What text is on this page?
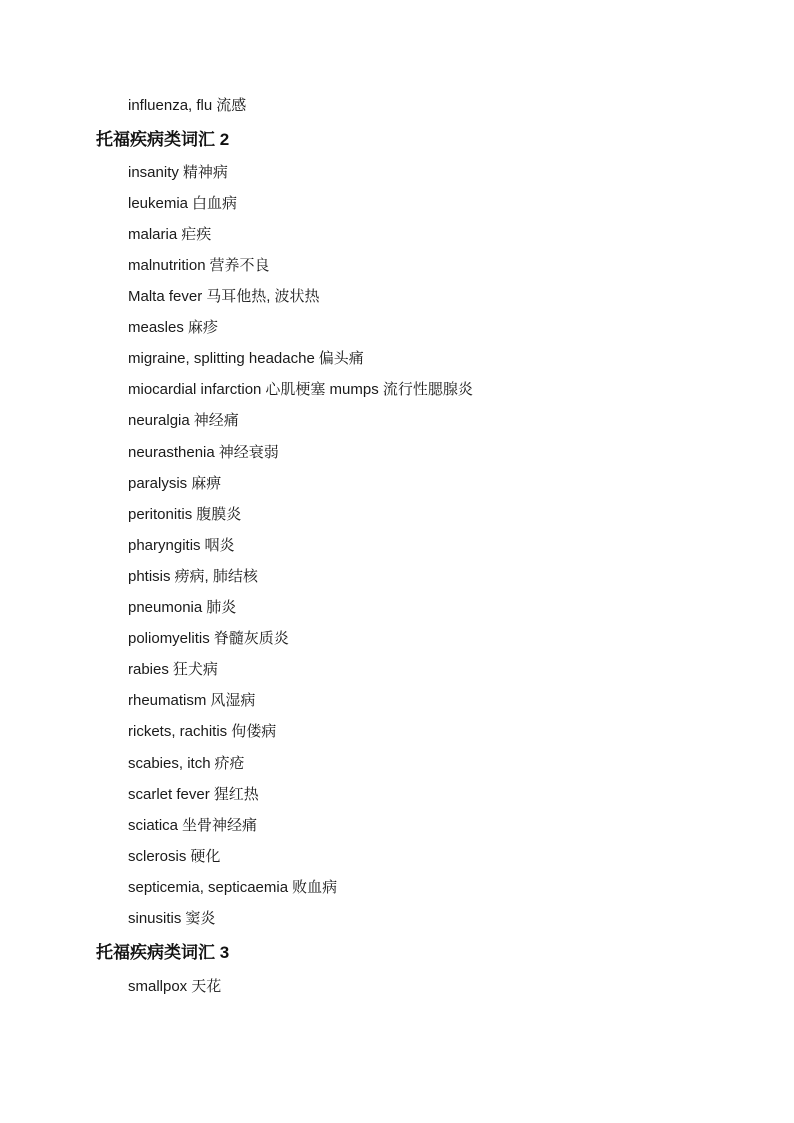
influenza, flu 流感
托福疾病类词汇 2
insanity 精神病
leukemia 白血病
malaria 疟疾
malnutrition 营养不良
Malta fever 马耳他热, 波状热
measles 麻疹
migraine, splitting headache 偏头痛
miocardial infarction 心肌梗塞 mumps 流行性腮腺炎
neuralgia 神经痛
neurasthenia 神经衰弱
paralysis 麻痹
peritonitis 腹膜炎
pharyngitis 咽炎
phtisis 痨病, 肺结核
pneumonia 肺炎
poliomyelitis 脊髓灰质炎
rabies 狂犬病
rheumatism 风湿病
rickets, rachitis 佝偻病
scabies, itch 疥疮
scarlet fever 猩红热
sciatica 坐骨神经痛
sclerosis 硬化
septicemia, septicaemia 败血病
sinusitis 窦炎
托福疾病类词汇 3
smallpox 天花
